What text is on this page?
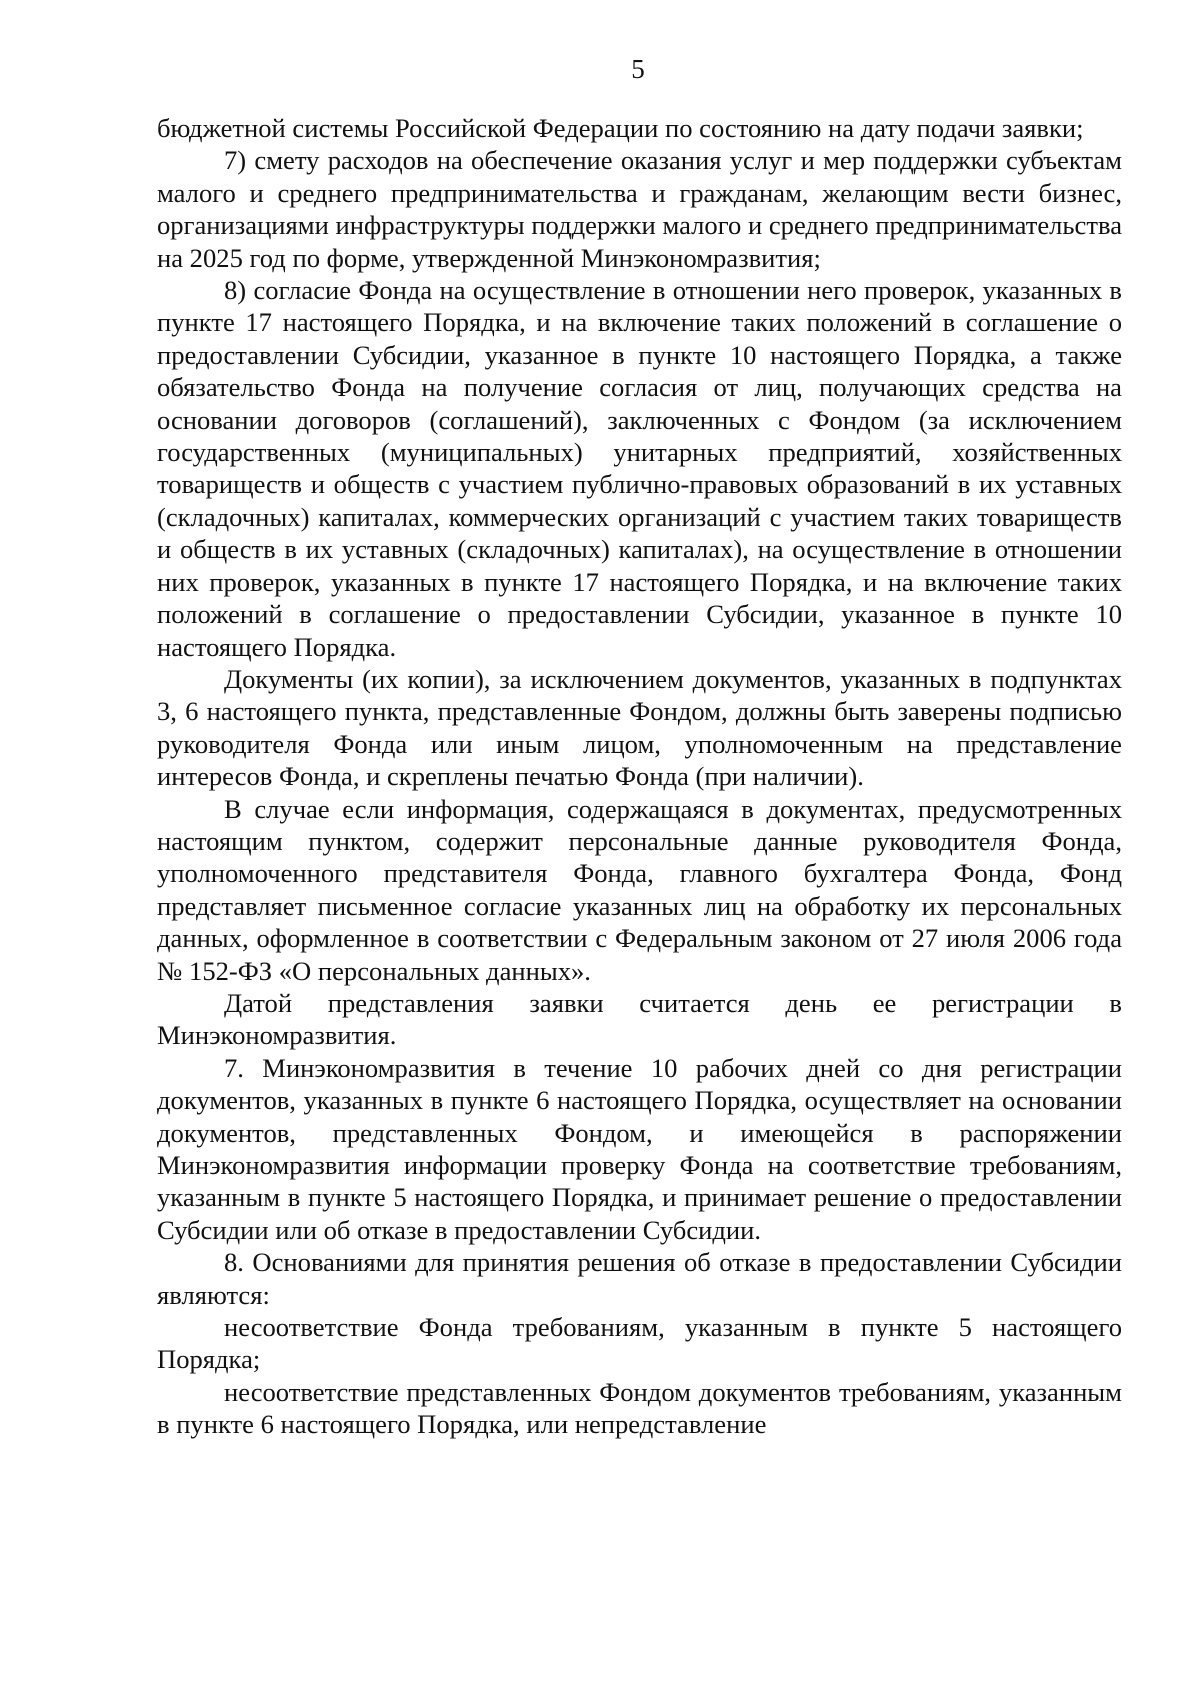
5

бюджетной системы Российской Федерации по состоянию на дату подачи заявки;

7) смету расходов на обеспечение оказания услуг и мер поддержки субъектам малого и среднего предпринимательства и гражданам, желающим вести бизнес, организациями инфраструктуры поддержки малого и среднего предпринимательства на 2025 год по форме, утвержденной Минэкономразвития;

8) согласие Фонда на осуществление в отношении него проверок, указанных в пункте 17 настоящего Порядка, и на включение таких положений в соглашение о предоставлении Субсидии, указанное в пункте 10 настоящего Порядка, а также обязательство Фонда на получение согласия от лиц, получающих средства на основании договоров (соглашений), заключенных с Фондом (за исключением государственных (муниципальных) унитарных предприятий, хозяйственных товариществ и обществ с участием публично-правовых образований в их уставных (складочных) капиталах, коммерческих организаций с участием таких товариществ и обществ в их уставных (складочных) капиталах), на осуществление в отношении них проверок, указанных в пункте 17 настоящего Порядка, и на включение таких положений в соглашение о предоставлении Субсидии, указанное в пункте 10 настоящего Порядка.

Документы (их копии), за исключением документов, указанных в подпунктах 3, 6 настоящего пункта, представленные Фондом, должны быть заверены подписью руководителя Фонда или иным лицом, уполномоченным на представление интересов Фонда, и скреплены печатью Фонда (при наличии).

В случае если информация, содержащаяся в документах, предусмотренных настоящим пунктом, содержит персональные данные руководителя Фонда, уполномоченного представителя Фонда, главного бухгалтера Фонда, Фонд представляет письменное согласие указанных лиц на обработку их персональных данных, оформленное в соответствии с Федеральным законом от 27 июля 2006 года № 152-ФЗ «О персональных данных».

Датой представления заявки считается день ее регистрации в Минэкономразвития.

7. Минэкономразвития в течение 10 рабочих дней со дня регистрации документов, указанных в пункте 6 настоящего Порядка, осуществляет на основании документов, представленных Фондом, и имеющейся в распоряжении Минэкономразвития информации проверку Фонда на соответствие требованиям, указанным в пункте 5 настоящего Порядка, и принимает решение о предоставлении Субсидии или об отказе в предоставлении Субсидии.

8. Основаниями для принятия решения об отказе в предоставлении Субсидии являются:

несоответствие Фонда требованиям, указанным в пункте 5 настоящего Порядка;

несоответствие представленных Фондом документов требованиям, указанным в пункте 6 настоящего Порядка, или непредставление
